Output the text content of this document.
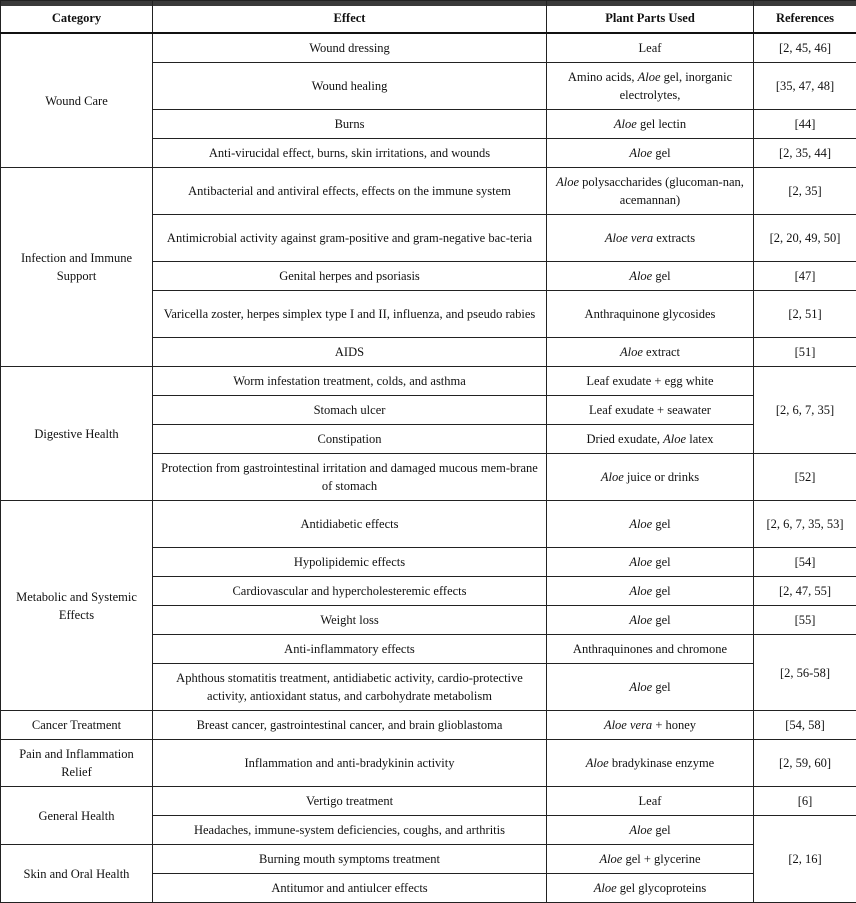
Category	Effect	Plant Parts Used	References
Wound Care	Wound dressing	Leaf	[2, 45, 46]
	Wound healing	Amino acids, Aloe gel, inorganic electrolytes,	[35, 47, 48]
	Burns	Aloe gel lectin	[44]
	Anti-virucidal effect, burns, skin irritations, and wounds	Aloe gel	[2, 35, 44]
Infection and Immune Support	Antibacterial and antiviral effects, effects on the immune system	Aloe polysaccharides (glucoman-nan, acemannan)	[2, 35]
	Antimicrobial activity against gram-positive and gram-negative bac-teria	Aloe vera extracts	[2, 20, 49, 50]
	Genital herpes and psoriasis	Aloe gel	[47]
	Varicella zoster, herpes simplex type I and II, influenza, and pseudo rabies	Anthraquinone glycosides	[2, 51]
	AIDS	Aloe extract	[51]
Digestive Health	Worm infestation treatment, colds, and asthma	Leaf exudate + egg white	[2, 6, 7, 35]
	Stomach ulcer	Leaf exudate + seawater	
	Constipation	Dried exudate, Aloe latex	
	Protection from gastrointestinal irritation and damaged mucous mem-brane of stomach	Aloe juice or drinks	[52]
Metabolic and Systemic Effects	Antidiabetic effects	Aloe gel	[2, 6, 7, 35, 53]
	Hypolipidemic effects	Aloe gel	[54]
	Cardiovascular and hypercholesteremic effects	Aloe gel	[2, 47, 55]
	Weight loss	Aloe gel	[55]
	Anti-inflammatory effects	Anthraquinones and chromone	[2, 56-58]
	Aphthous stomatitis treatment, antidiabetic activity, cardio-protective activity, antioxidant status, and carbohydrate metabolism	Aloe gel	
Cancer Treatment	Breast cancer, gastrointestinal cancer, and brain glioblastoma	Aloe vera + honey	[54, 58]
Pain and Inflammation Relief	Inflammation and anti-bradykinin activity	Aloe bradykinase enzyme	[2, 59, 60]
General Health	Vertigo treatment	Leaf	[6]
	Headaches, immune-system deficiencies, coughs, and arthritis	Aloe gel	[2, 16]
Skin and Oral Health	Burning mouth symptoms treatment	Aloe gel + glycerine	
	Antitumor and antiulcer effects	Aloe gel glycoproteins	
